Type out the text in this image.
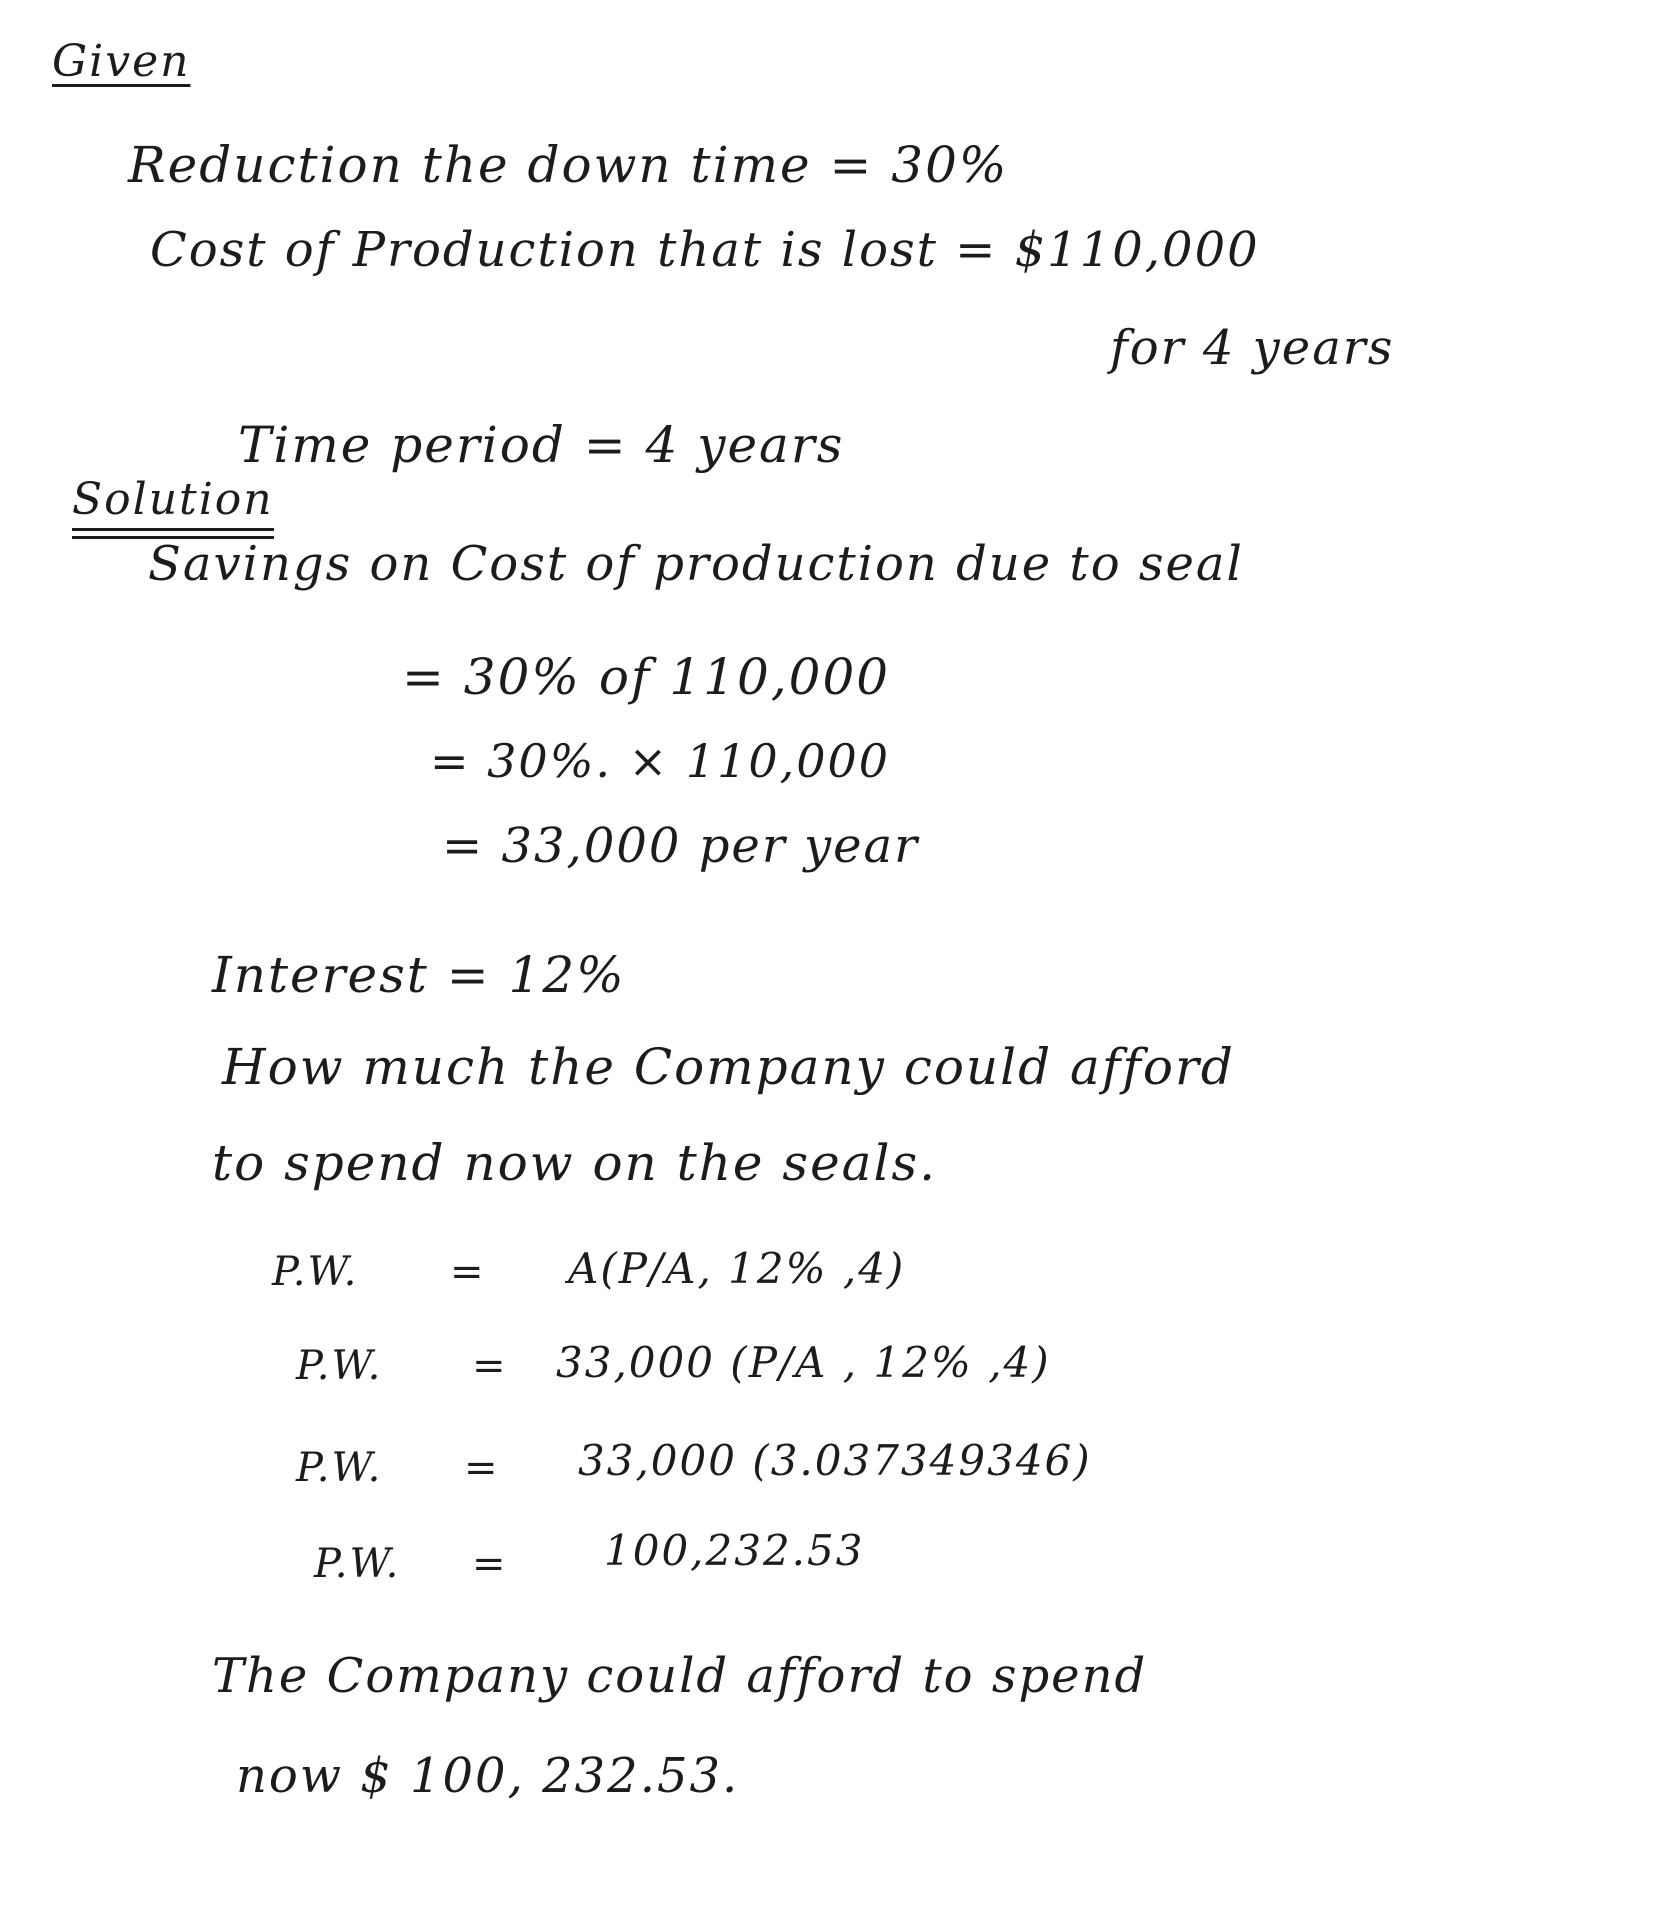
Given
Reduction the down time = 30%
Cost of Production that is lost = $110,000
for 4 years
Time period = 4 years
Solution
Savings on Cost of production due to seal
= 30% of 110,000
= 30%. × 110,000
= 33,000 per year
Interest = 12%
How much the Company could afford
to spend now on the seals.
P.W. = A(P/A, 12% ,4)
P.W. = 33,000 (P/A , 12% ,4)
P.W. = 33,000 (3.037349346)
P.W. = 100,232.53
The Company could afford to spend
now $ 100, 232.53.
